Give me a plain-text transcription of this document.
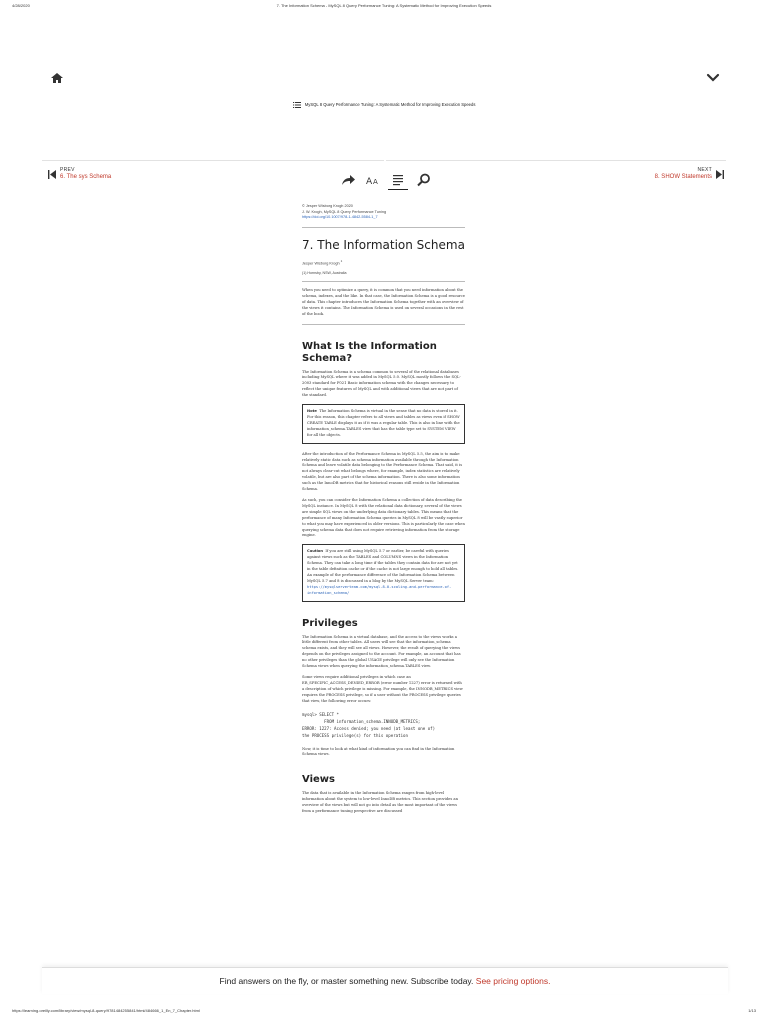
4/28/2020	7. The Information Schema - MySQL 8 Query Performance Tuning: A Systematic Method for Improving Execution Speeds
MySQL 8 Query Performance Tuning: A Systematic Method for Improving Execution Speeds
PREV
6. The sys Schema
NEXT
8. SHOW Statements
A A
© Jesper Wisborg Krogh 2020
J. W. Krogh, MySQL 8 Query Performance Tuning
https://doi.org/10.1007/978-1-4842-5584-1_7
7. The Information Schema
Jesper Wisborg Krogh $^1$
(1) Hornsby, NSW, Australia

When you need to optimize a query, it is common that you need information about the schema, indexes, and the like. In that case, the Information Schema is a good resource of data. This chapter introduces the Information Schema together with an overview of the views it contains. The Information Schema is used on several occasions in the rest of the book.

What Is the Information Schema?

The Information Schema is a schema common to several of the relational databases including MySQL where it was added in MySQL 5.0. MySQL mostly follows the SQL-2003 standard for F021 Basic information schema with the changes necessary to reflect the unique features of MySQL and with additional views that are not part of the standard.

Note The Information Schema is virtual in the sense that no data is stored in it. For this reason, this chapter refers to all views and tables as views even if SHOW CREATE TABLE displays it as if it was a regular table. This is also in line with the information_schema.TABLES view that has the table type set to SYSTEM VIEW for all the objects.

After the introduction of the Performance Schema in MySQL 5.5, the aim is to make relatively static data such as schema information available through the Information Schema and leave volatile data belonging to the Performance Schema. That said, it is not always clear-cut what belongs where, for example, index statistics are relatively volatile, but are also part of the schema information. There is also some information such as the InnoDB metrics that for historical reasons still reside in the Information Schema.

As such, you can consider the Information Schema a collection of data describing the MySQL instance. In MySQL 8 with the relational data dictionary, several of the views are simple SQL views on the underlying data dictionary tables. This means that the performance of many Information Schema queries in MySQL 8 will be vastly superior to what you may have experienced in older versions. This is particularly the case when querying schema data that does not require retrieving information from the storage engine.

Caution If you are still using MySQL 5.7 or earlier, be careful with queries against views such as the TABLES and COLUMNS views in the Information Schema. They can take a long time if the tables they contain data for are not yet in the table definition cache or if the cache is not large enough to hold all tables. An example of the performance difference of the Information Schema between MySQL 5.7 and 8 is discussed in a blog by the MySQL Server team: https://mysqlserverteam.com/mysql-8-0-scaling-and-performance-of-information_schema/

Privileges

The Information Schema is a virtual database, and the access to the views works a little different from other tables. All users will see that the information_schema schema exists, and they will see all views. However, the result of querying the views depends on the privileges assigned to the account. For example, an account that has no other privileges than the global USAGE privilege will only see the Information Schema views when querying the information_schema.TABLES view.

Some views require additional privileges in which case an ER_SPECIFIC_ACCESS_DENIED_ERROR (error number 1227) error is returned with a description of which privilege is missing. For example, the INNODB_METRICS view requires the PROCESS privilege, so if a user without the PROCESS privilege queries that view, the following error occurs:

mysql> SELECT *
FROM information_schema.INNODB_METRICS;
ERROR: 1227: Access denied; you need (at least one of)
the PROCESS privilege(s) for this operation

Now, it is time to look at what kind of information you can find in the Information Schema views.

Views

The data that is available in the Information Schema ranges from high-level information about the system to low-level InnoDB metrics. This section provides an overview of the views but will not go into detail as the most important of the views from a performance tuning perspective are discussed

Find answers on the fly, or master something new. Subscribe today. See pricing options.
https://learning.oreilly.com/library/view/mysql-8-query/9781484255841/html/484666_1_En_7_Chapter.html	1/13
